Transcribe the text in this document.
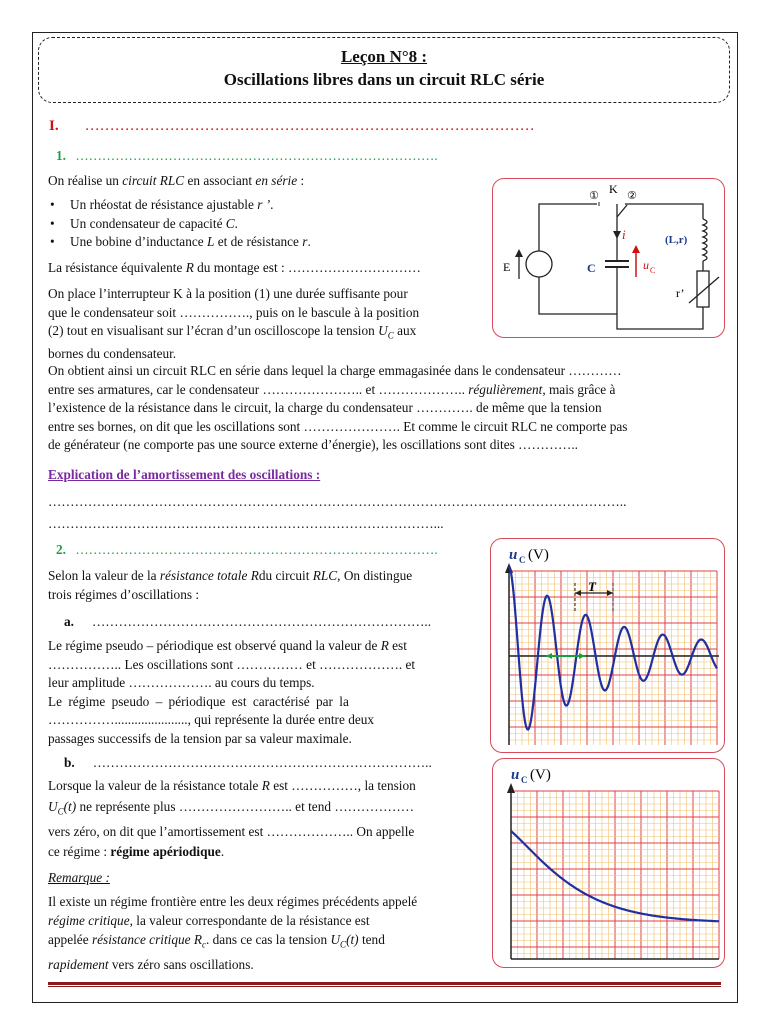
Leçon N°8 :
Oscillations libres dans un circuit RLC série
I. ………………………………………………………………………………
1. ……………………………………………………………………….
On réalise un circuit RLC en associant en série :
• Un rhéostat de résistance ajustable r ’.
• Un condensateur de capacité C.
• Une bobine d’inductance L et de résistance r.
La résistance équivalente R du montage est : …………………………
On place l’interrupteur K à la position (1) une durée suffisante pour
que le condensateur soit ……………., puis on le bascule à la position
(2) tout en visualisant sur l’écran d’un oscilloscope la tension $U_C$ aux
bornes du condensateur.
On obtient ainsi un circuit RLC en série dans lequel la charge emmagasinée dans le condensateur …………
entre ses armatures, car le condensateur ………………….. et ……………….. régulièrement, mais grâce à
l’existence de la résistance dans le circuit, la charge du condensateur …………. de même que la tension
entre ses bornes, on dit que les oscillations sont …………………. Et comme le circuit RLC ne comporte pas
de générateur (ne comporte pas une source externe d’énergie), les oscillations sont dites …………..
Explication de l’amortissement des oscillations :
…………………………………………………………………………………………………………………..
……………………………………………………………………………...
2. ……………………………………………………………………….
Selon la valeur de la résistance totale Rdu circuit RLC, On distingue
trois régimes d’oscillations :
a. …………………………………………………………………..
Le régime pseudo – périodique est observé quand la valeur de R est
…………….. Les oscillations sont …………… et ………………. et
leur amplitude ………………. au cours du temps.
Le régime pseudo – périodique est caractérisé par la
……………......................, qui représente la durée entre deux
passages successifs de la tension par sa valeur maximale.
b. …………………………………………………………………..
Lorsque la valeur de la résistance totale R est ……………, la tension
$U_C(t)$ ne représente plus …………………….. et tend ………………
vers zéro, on dit que l’amortissement est ……………….. On appelle
ce régime : régime apériodique.
Remarque :
Il existe un régime frontière entre les deux régimes précédents appelé
régime critique, la valeur correspondante de la résistance est
appelée résistance critique $R_c$. dans ce cas la tension $U_C(t)$ tend
rapidement vers zéro sans oscillations.
① K ②
i
E	C	u C
(L,r)
r’
T
u C (V)
u C (V)
